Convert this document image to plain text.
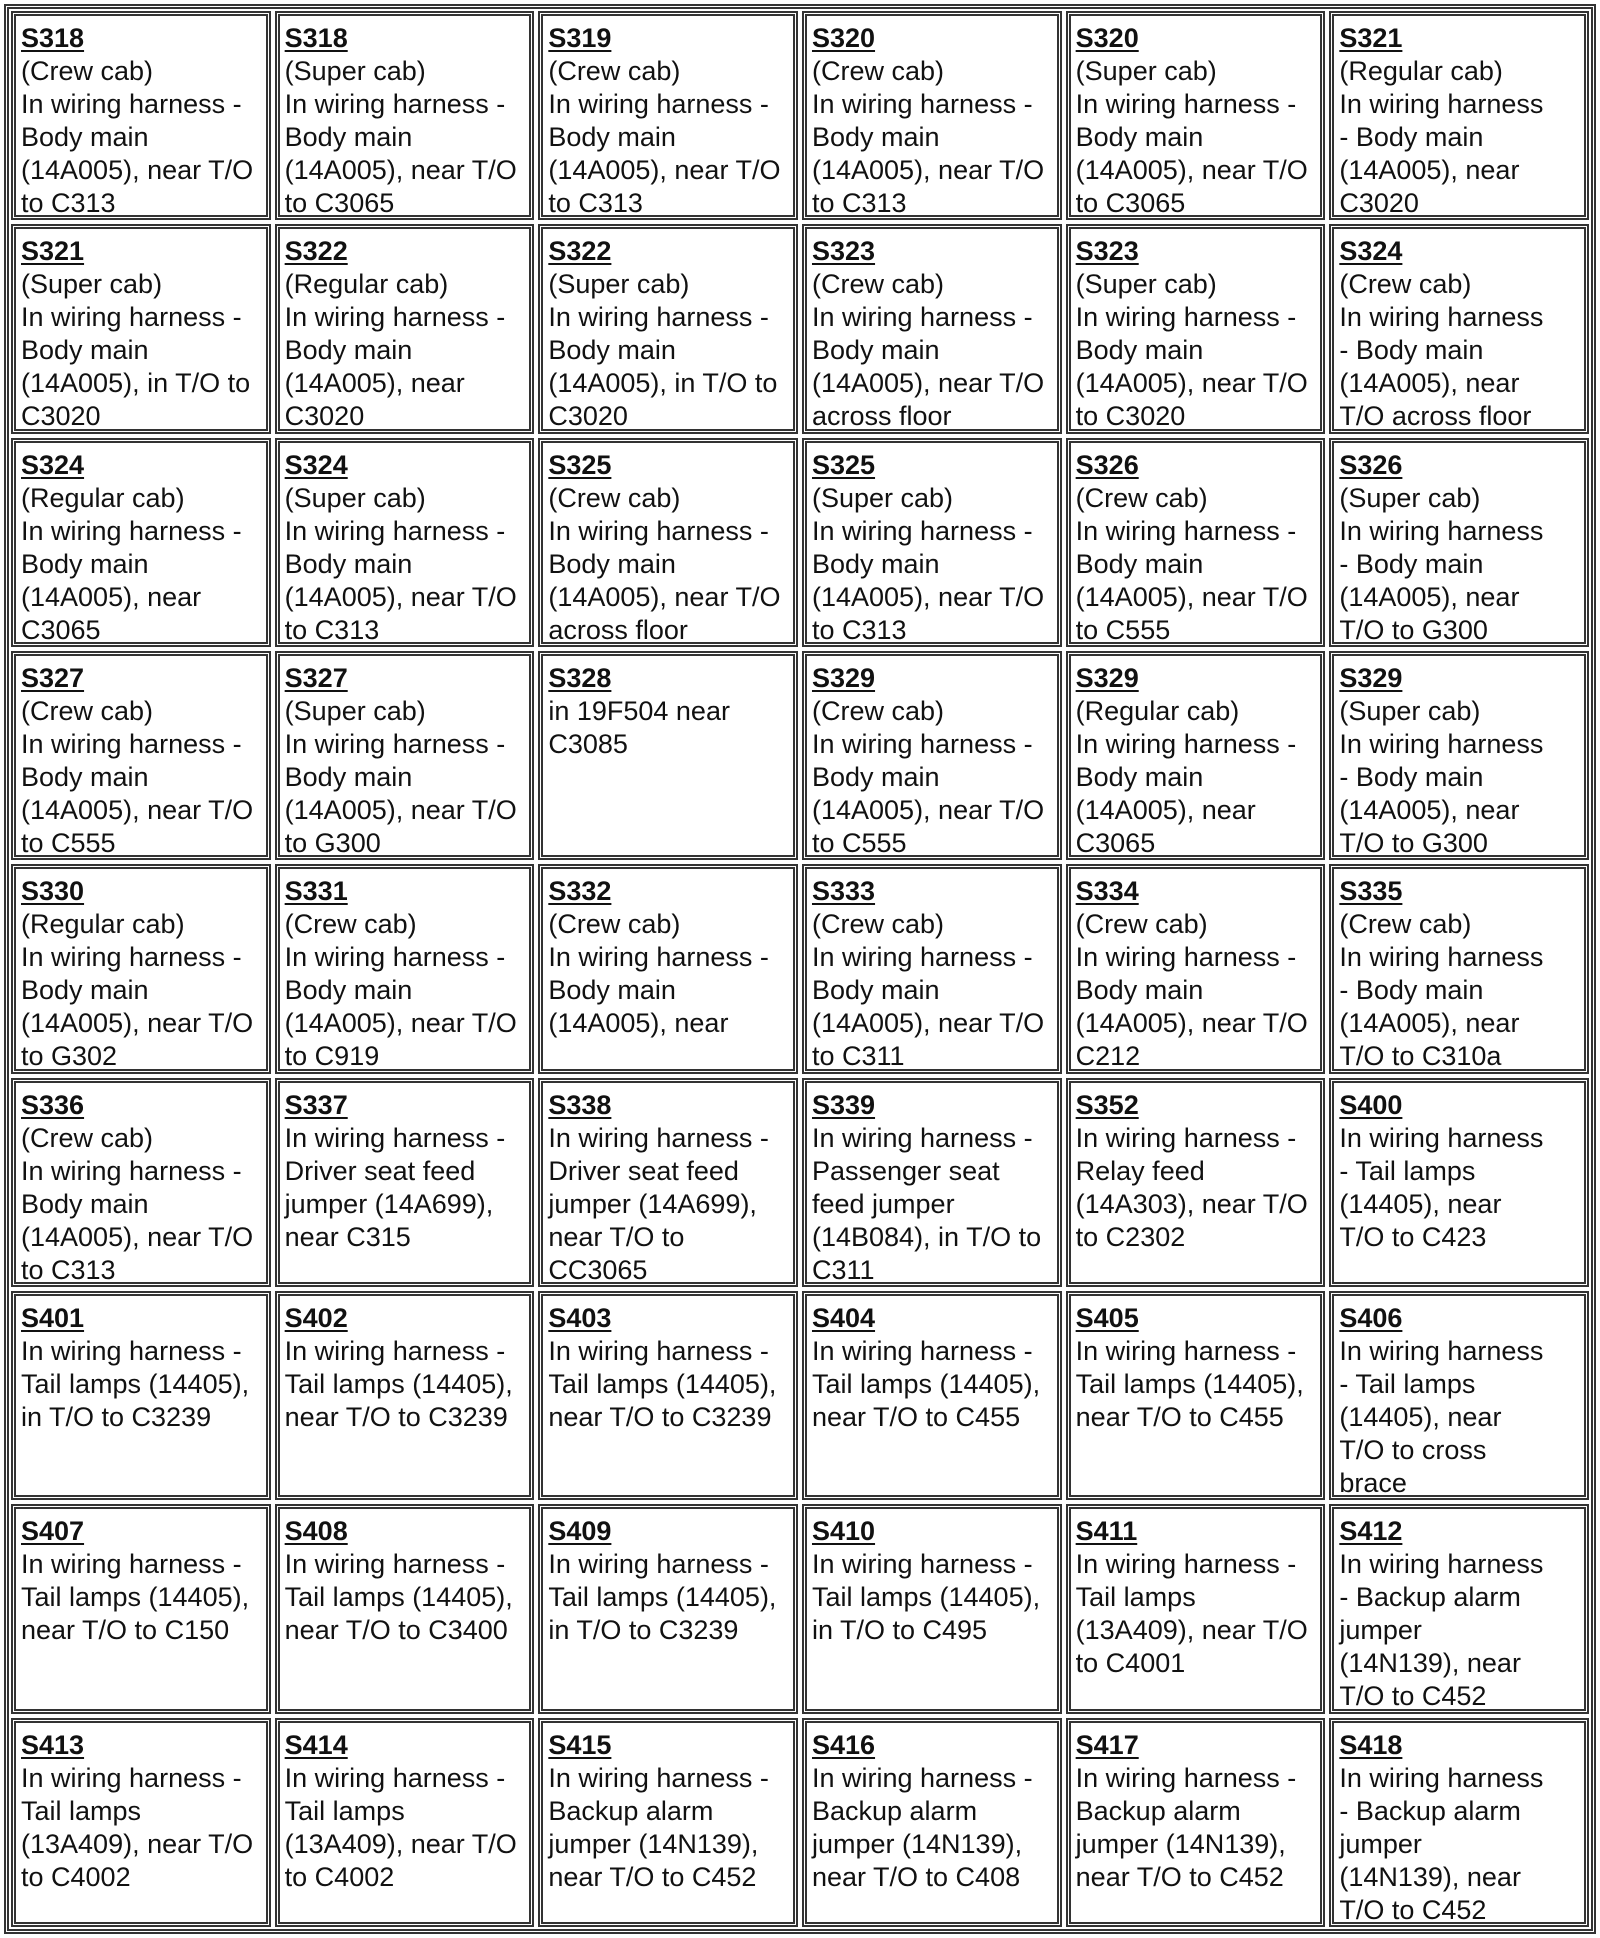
S318
(Crew cab)
In wiring harness -
Body main
(14A005), near T/O
to C313
S318
(Super cab)
In wiring harness -
Body main
(14A005), near T/O
to C3065
S319
(Crew cab)
In wiring harness -
Body main
(14A005), near T/O
to C313
S320
(Crew cab)
In wiring harness -
Body main
(14A005), near T/O
to C313
S320
(Super cab)
In wiring harness -
Body main
(14A005), near T/O
to C3065
S321
(Regular cab)
In wiring harness
- Body main
(14A005), near
C3020
S321
(Super cab)
In wiring harness -
Body main
(14A005), in T/O to
C3020
S322
(Regular cab)
In wiring harness -
Body main
(14A005), near
C3020
S322
(Super cab)
In wiring harness -
Body main
(14A005), in T/O to
C3020
S323
(Crew cab)
In wiring harness -
Body main
(14A005), near T/O
across floor
S323
(Super cab)
In wiring harness -
Body main
(14A005), near T/O
to C3020
S324
(Crew cab)
In wiring harness
- Body main
(14A005), near
T/O across floor
S324
(Regular cab)
In wiring harness -
Body main
(14A005), near
C3065
S324
(Super cab)
In wiring harness -
Body main
(14A005), near T/O
to C313
S325
(Crew cab)
In wiring harness -
Body main
(14A005), near T/O
across floor
S325
(Super cab)
In wiring harness -
Body main
(14A005), near T/O
to C313
S326
(Crew cab)
In wiring harness -
Body main
(14A005), near T/O
to C555
S326
(Super cab)
In wiring harness
- Body main
(14A005), near
T/O to G300
S327
(Crew cab)
In wiring harness -
Body main
(14A005), near T/O
to C555
S327
(Super cab)
In wiring harness -
Body main
(14A005), near T/O
to G300
S328
in 19F504 near
C3085
S329
(Crew cab)
In wiring harness -
Body main
(14A005), near T/O
to C555
S329
(Regular cab)
In wiring harness -
Body main
(14A005), near
C3065
S329
(Super cab)
In wiring harness
- Body main
(14A005), near
T/O to G300
S330
(Regular cab)
In wiring harness -
Body main
(14A005), near T/O
to G302
S331
(Crew cab)
In wiring harness -
Body main
(14A005), near T/O
to C919
S332
(Crew cab)
In wiring harness -
Body main
(14A005), near
S333
(Crew cab)
In wiring harness -
Body main
(14A005), near T/O
to C311
S334
(Crew cab)
In wiring harness -
Body main
(14A005), near T/O
C212
S335
(Crew cab)
In wiring harness
- Body main
(14A005), near
T/O to C310a
S336
(Crew cab)
In wiring harness -
Body main
(14A005), near T/O
to C313
S337
In wiring harness -
Driver seat feed
jumper (14A699),
near C315
S338
In wiring harness -
Driver seat feed
jumper (14A699),
near T/O to
CC3065
S339
In wiring harness -
Passenger seat
feed jumper
(14B084), in T/O to
C311
S352
In wiring harness -
Relay feed
(14A303), near T/O
to C2302
S400
In wiring harness
- Tail lamps
(14405), near
T/O to C423
S401
In wiring harness -
Tail lamps (14405),
in T/O to C3239
S402
In wiring harness -
Tail lamps (14405),
near T/O to C3239
S403
In wiring harness -
Tail lamps (14405),
near T/O to C3239
S404
In wiring harness -
Tail lamps (14405),
near T/O to C455
S405
In wiring harness -
Tail lamps (14405),
near T/O to C455
S406
In wiring harness
- Tail lamps
(14405), near
T/O to cross
brace
S407
In wiring harness -
Tail lamps (14405),
near T/O to C150
S408
In wiring harness -
Tail lamps (14405),
near T/O to C3400
S409
In wiring harness -
Tail lamps (14405),
in T/O to C3239
S410
In wiring harness -
Tail lamps (14405),
in T/O to C495
S411
In wiring harness -
Tail lamps
(13A409), near T/O
to C4001
S412
In wiring harness
- Backup alarm
jumper
(14N139), near
T/O to C452
S413
In wiring harness -
Tail lamps
(13A409), near T/O
to C4002
S414
In wiring harness -
Tail lamps
(13A409), near T/O
to C4002
S415
In wiring harness -
Backup alarm
jumper (14N139),
near T/O to C452
S416
In wiring harness -
Backup alarm
jumper (14N139),
near T/O to C408
S417
In wiring harness -
Backup alarm
jumper (14N139),
near T/O to C452
S418
In wiring harness
- Backup alarm
jumper
(14N139), near
T/O to C452
